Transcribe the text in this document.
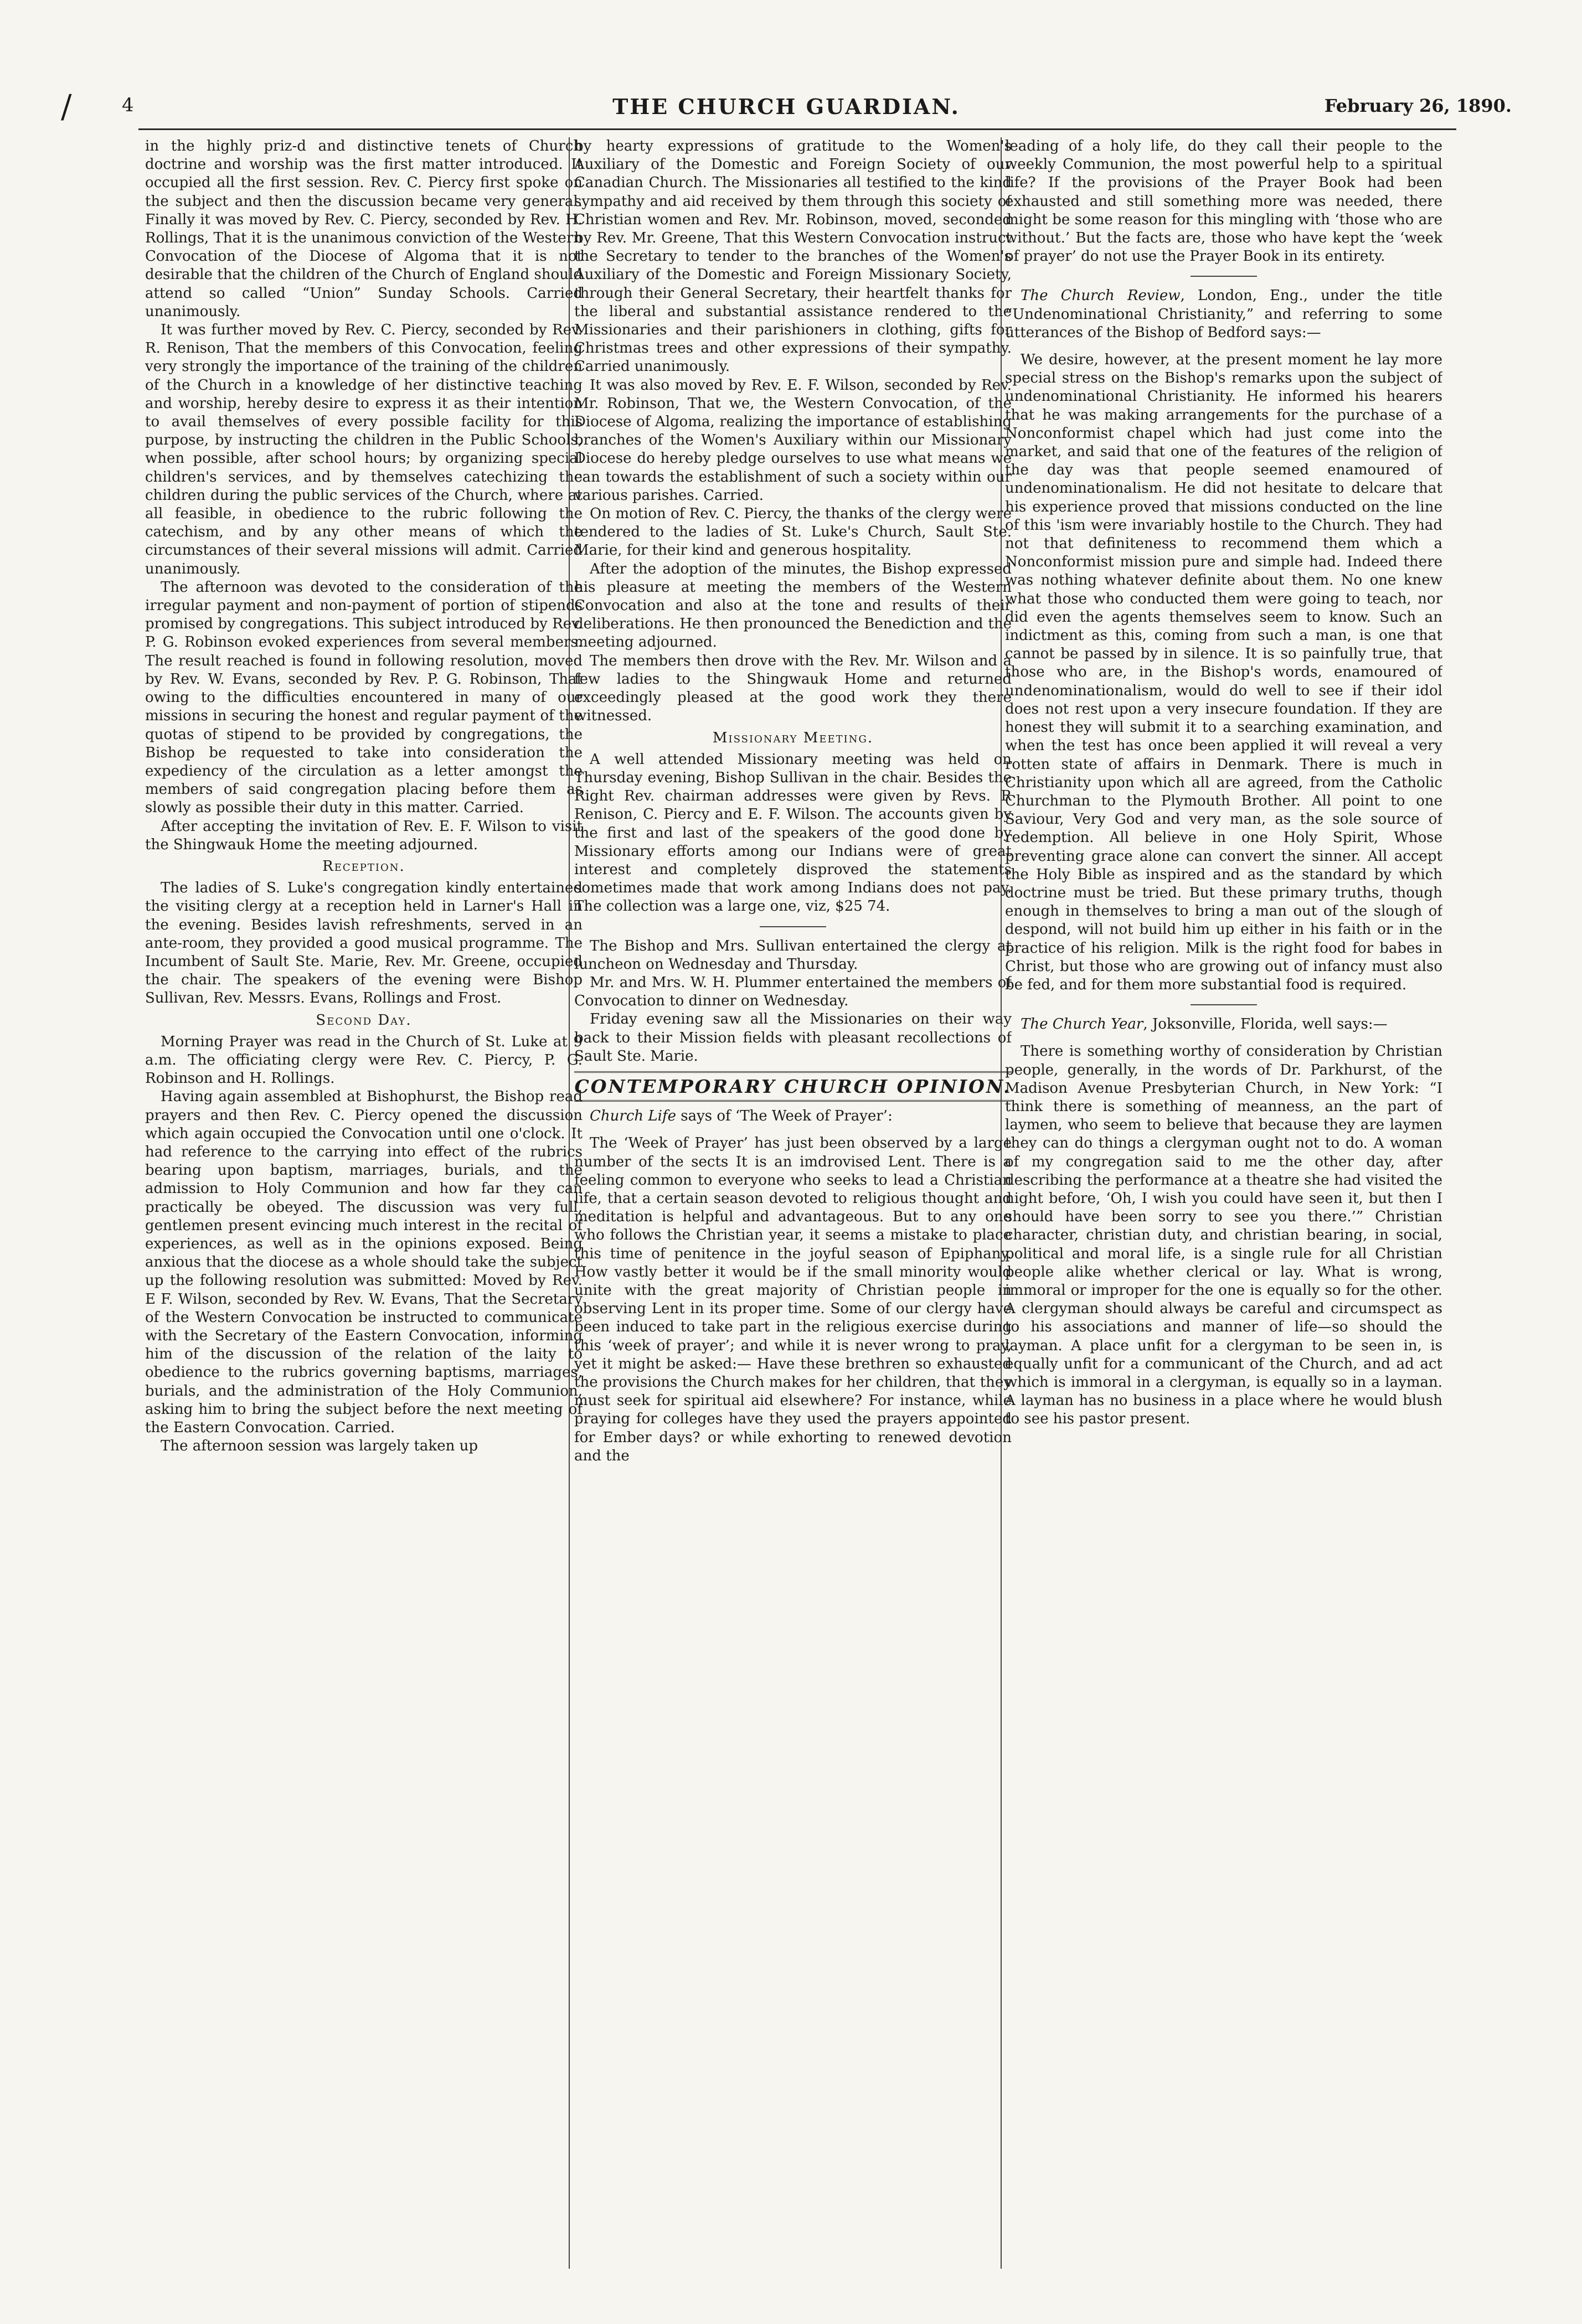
/	4	THE CHURCH GUARDIAN.	February 26, 1890.

in the highly priz-d and distinctive tenets of Church doctrine and worship was the first matter introduced. It occupied all the first session. Rev. C. Piercy first spoke on the subject and then the discussion became very general. Finally it was moved by Rev. C. Piercy, seconded by Rev. H. Rollings, That it is the unanimous conviction of the Western Convocation of the Diocese of Algoma that it is not desirable that the children of the Church of England should attend so called “Union” Sunday Schools. Carried unanimously.

It was further moved by Rev. C. Piercy, seconded by Rev. R. Renison, That the members of this Convocation, feeling very strongly the importance of the training of the children of the Church in a knowledge of her distinctive teaching and worship, hereby desire to express it as their intention to avail themselves of every possible facility for this purpose, by instructing the children in the Public Schools, when possible, after school hours; by organizing special children's services, and by themselves catechizing the children during the public services of the Church, where at all feasible, in obedience to the rubric following the catechism, and by any other means of which the circumstances of their several missions will admit. Carried unanimously.

The afternoon was devoted to the consideration of the irregular payment and non-payment of portion of stipends promised by congregations. This subject introduced by Rev. P. G. Robinson evoked experiences from several members. The result reached is found in following resolution, moved by Rev. W. Evans, seconded by Rev. P. G. Robinson, That owing to the difficulties encountered in many of our missions in securing the honest and regular payment of the quotas of stipend to be provided by congregations, the Bishop be requested to take into consideration the expediency of the circulation as a letter amongst the members of said congregation placing before them as slowly as possible their duty in this matter. Carried.

After accepting the invitation of Rev. E. F. Wilson to visit the Shingwauk Home the meeting adjourned.

Reception.

The ladies of S. Luke's congregation kindly entertained the visiting clergy at a reception held in Larner's Hall in the evening. Besides lavish refreshments, served in an ante-room, they provided a good musical programme. The Incumbent of Sault Ste. Marie, Rev. Mr. Greene, occupied the chair. The speakers of the evening were Bishop Sullivan, Rev. Messrs. Evans, Rollings and Frost.

Second Day.

Morning Prayer was read in the Church of St. Luke at 9 a.m. The officiating clergy were Rev. C. Piercy, P. G. Robinson and H. Rollings.

Having again assembled at Bishophurst, the Bishop read prayers and then Rev. C. Piercy opened the discussion which again occupied the Convocation until one o'clock. It had reference to the carrying into effect of the rubrics bearing upon baptism, marriages, burials, and the admission to Holy Communion and how far they can practically be obeyed. The discussion was very full, gentlemen present evincing much interest in the recital of experiences, as well as in the opinions exposed. Being anxious that the diocese as a whole should take the subject up the following resolution was submitted: Moved by Rev. E F. Wilson, seconded by Rev. W. Evans, That the Secretary of the Western Convocation be instructed to communicate with the Secretary of the Eastern Convocation, informing him of the discussion of the relation of the laity to obedience to the rubrics governing baptisms, marriages, burials, and the administration of the Holy Communion, asking him to bring the subject before the next meeting of the Eastern Convocation. Carried.

The afternoon session was largely taken up

by hearty expressions of gratitude to the Women's Auxiliary of the Domestic and Foreign Society of our Canadian Church. The Missionaries all testified to the kind sympathy and aid received by them through this society of Christian women and Rev. Mr. Robinson, moved, seconded by Rev. Mr. Greene, That this Western Convocation instruct the Secretary to tender to the branches of the Women's Auxiliary of the Domestic and Foreign Missionary Society, through their General Secretary, their heartfelt thanks for the liberal and substantial assistance rendered to the Missionaries and their parishioners in clothing, gifts for Christmas trees and other expressions of their sympathy. Carried unanimously.

It was also moved by Rev. E. F. Wilson, seconded by Rev. Mr. Robinson, That we, the Western Convocation, of the Diocese of Algoma, realizing the importance of establishing branches of the Women's Auxiliary within our Missionary Diocese do hereby pledge ourselves to use what means we can towards the establishment of such a society within our various parishes. Carried.

On motion of Rev. C. Piercy, the thanks of the clergy were tendered to the ladies of St. Luke's Church, Sault Ste. Marie, for their kind and generous hospitality.

After the adoption of the minutes, the Bishop expressed his pleasure at meeting the members of the Western Convocation and also at the tone and results of their deliberations. He then pronounced the Benediction and the meeting adjourned.

The members then drove with the Rev. Mr. Wilson and a few ladies to the Shingwauk Home and returned exceedingly pleased at the good work they there witnessed.

Missionary Meeting.

A well attended Missionary meeting was held on Thursday evening, Bishop Sullivan in the chair. Besides the Right Rev. chairman addresses were given by Revs. R Renison, C. Piercy and E. F. Wilson. The accounts given by the first and last of the speakers of the good done by Missionary efforts among our Indians were of great interest and completely disproved the statements sometimes made that work among Indians does not pay. The collection was a large one, viz, $25 74.

The Bishop and Mrs. Sullivan entertained the clergy at luncheon on Wednesday and Thursday.

Mr. and Mrs. W. H. Plummer entertained the members of Convocation to dinner on Wednesday.

Friday evening saw all the Missionaries on their way back to their Mission fields with pleasant recollections of Sault Ste. Marie.

CONTEMPORARY CHURCH OPINION.

Church Life says of ‘The Week of Prayer’:

The ‘Week of Prayer’ has just been observed by a large number of the sects It is an imdrovised Lent. There is a feeling common to everyone who seeks to lead a Christian life, that a certain season devoted to religious thought and meditation is helpful and advantageous. But to any one who follows the Christian year, it seems a mistake to place this time of penitence in the joyful season of Epiphany. How vastly better it would be if the small minority would unite with the great majority of Christian people in observing Lent in its proper time. Some of our clergy have been induced to take part in the religious exercise during this ‘week of prayer’; and while it is never wrong to pray, yet it might be asked:— Have these brethren so exhausted the provisions the Church makes for her children, that they must seek for spiritual aid elsewhere? For instance, while praying for colleges have they used the prayers appointed for Ember days? or while exhorting to renewed devotion and the

leading of a holy life, do they call their people to the weekly Communion, the most powerful help to a spiritual life? If the provisions of the Prayer Book had been exhausted and still something more was needed, there might be some reason for this mingling with ‘those who are without.’ But the facts are, those who have kept the ‘week of prayer’ do not use the Prayer Book in its entirety.

The Church Review, London, Eng., under the title “Undenominational Christianity,” and referring to some utterances of the Bishop of Bedford says:—

We desire, however, at the present moment he lay more special stress on the Bishop's remarks upon the subject of undenominational Christianity. He informed his hearers that he was making arrangements for the purchase of a Nonconformist chapel which had just come into the market, and said that one of the features of the religion of the day was that people seemed enamoured of undenominationalism. He did not hesitate to delcare that his experience proved that missions conducted on the line of this 'ism were invariably hostile to the Church. They had not that definiteness to recommend them which a Nonconformist mission pure and simple had. Indeed there was nothing whatever definite about them. No one knew what those who conducted them were going to teach, nor did even the agents themselves seem to know. Such an indictment as this, coming from such a man, is one that cannot be passed by in silence. It is so painfully true, that those who are, in the Bishop's words, enamoured of undenominationalism, would do well to see if their idol does not rest upon a very insecure foundation. If they are honest they will submit it to a searching examination, and when the test has once been applied it will reveal a very rotten state of affairs in Denmark. There is much in Christianity upon which all are agreed, from the Catholic Churchman to the Plymouth Brother. All point to one Saviour, Very God and very man, as the sole source of redemption. All believe in one Holy Spirit, Whose preventing grace alone can convert the sinner. All accept the Holy Bible as inspired and as the standard by which doctrine must be tried. But these primary truths, though enough in themselves to bring a man out of the slough of despond, will not build him up either in his faith or in the practice of his religion. Milk is the right food for babes in Christ, but those who are growing out of infancy must also be fed, and for them more substantial food is required.

The Church Year, Joksonville, Florida, well says:—

There is something worthy of consideration by Christian people, generally, in the words of Dr. Parkhurst, of the Madison Avenue Presbyterian Church, in New York: “I think there is something of meanness, an the part of laymen, who seem to believe that because they are laymen they can do things a clergyman ought not to do. A woman of my congregation said to me the other day, after describing the performance at a theatre she had visited the night before, ‘Oh, I wish you could have seen it, but then I should have been sorry to see you there.’” Christian character, christian duty, and christian bearing, in social, political and moral life, is a single rule for all Christian people alike whether clerical or lay. What is wrong, immoral or improper for the one is equally so for the other. A clergyman should always be careful and circumspect as to his associations and manner of life—so should the layman. A place unfit for a clergyman to be seen in, is equally unfit for a communicant of the Church, and ad act which is immoral in a clergyman, is equally so in a layman. A layman has no business in a place where he would blush to see his pastor present.
